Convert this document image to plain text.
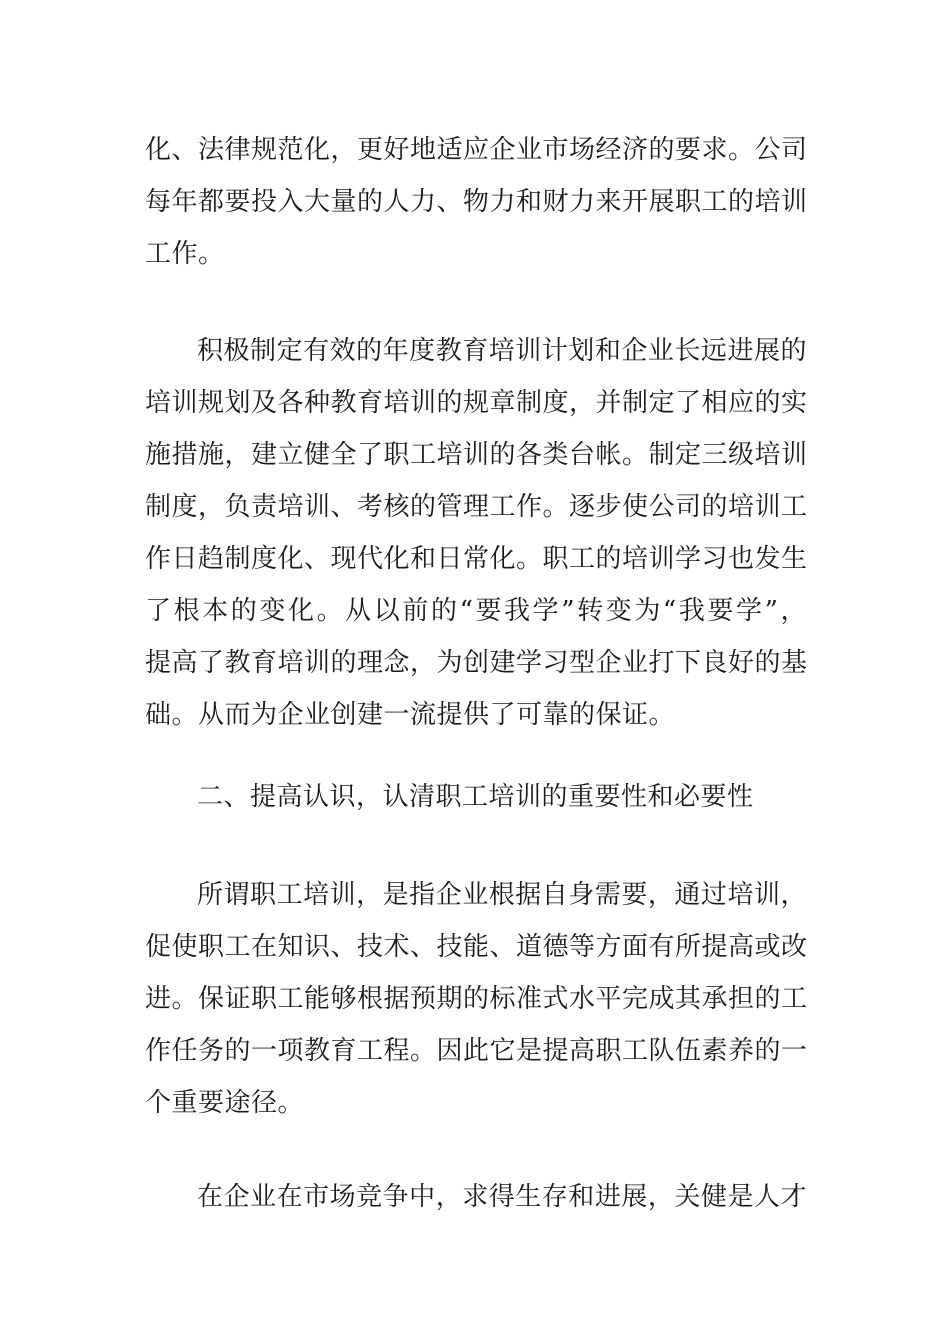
化、法律规范化，更好地适应企业市场经济的要求。公司
每年都要投入大量的人力、物力和财力来开展职工的培训
工作。

积极制定有效的年度教育培训计划和企业长远进展的
培训规划及各种教育培训的规章制度，并制定了相应的实
施措施，建立健全了职工培训的各类台帐。制定三级培训
制度，负责培训、考核的管理工作。逐步使公司的培训工
作日趋制度化、现代化和日常化。职工的培训学习也发生
了根本的变化。从以前的“要我学”转变为“我要学”，
提高了教育培训的理念，为创建学习型企业打下良好的基
础。从而为企业创建一流提供了可靠的保证。

二、提高认识，认清职工培训的重要性和必要性

所谓职工培训，是指企业根据自身需要，通过培训，
促使职工在知识、技术、技能、道德等方面有所提高或改
进。保证职工能够根据预期的标准式水平完成其承担的工
作任务的一项教育工程。因此它是提高职工队伍素养的一
个重要途径。

在企业在市场竞争中，求得生存和进展，关健是人才
